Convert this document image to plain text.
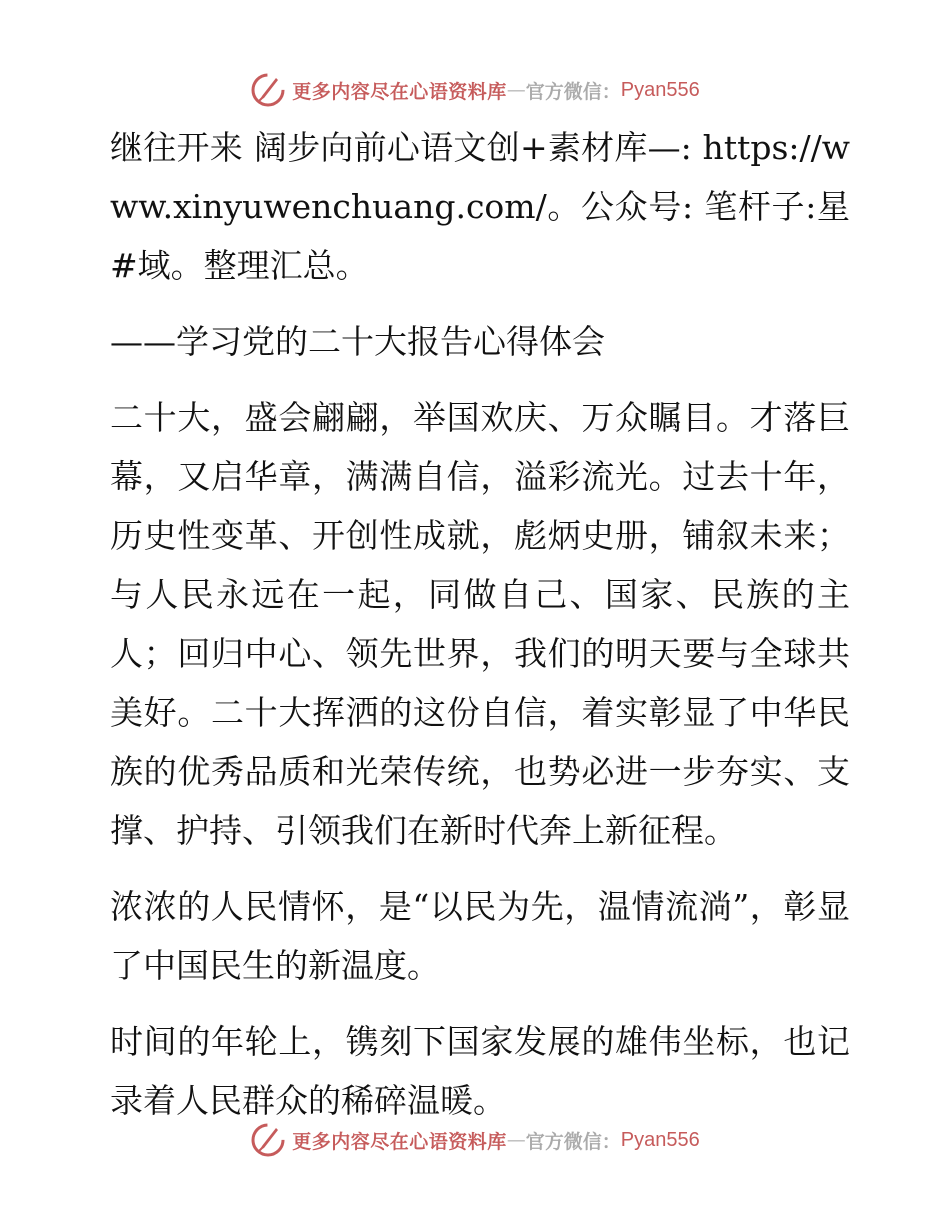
更多内容尽在心语资料库 — 官方微信： Pyan556

继往开来 阔步向前心语文创+素材库—: https://www.xinyuwenchuang.com/。公众号: 笔杆子:星#域。整理汇总。

——学习党的二十大报告心得体会

二十大，盛会翩翩，举国欢庆、万众瞩目。才落巨幕，又启华章，满满自信，溢彩流光。过去十年，历史性变革、开创性成就，彪炳史册，铺叙未来；与人民永远在一起，同做自己、国家、民族的主人；回归中心、领先世界，我们的明天要与全球共美好。二十大挥洒的这份自信，着实彰显了中华民族的优秀品质和光荣传统，也势必进一步夯实、支撑、护持、引领我们在新时代奔上新征程。

浓浓的人民情怀，是“以民为先，温情流淌”，彰显了中国民生的新温度。

时间的年轮上，镌刻下国家发展的雄伟坐标，也记录着人民群众的稀碎温暖。

更多内容尽在心语资料库 — 官方微信： Pyan556
